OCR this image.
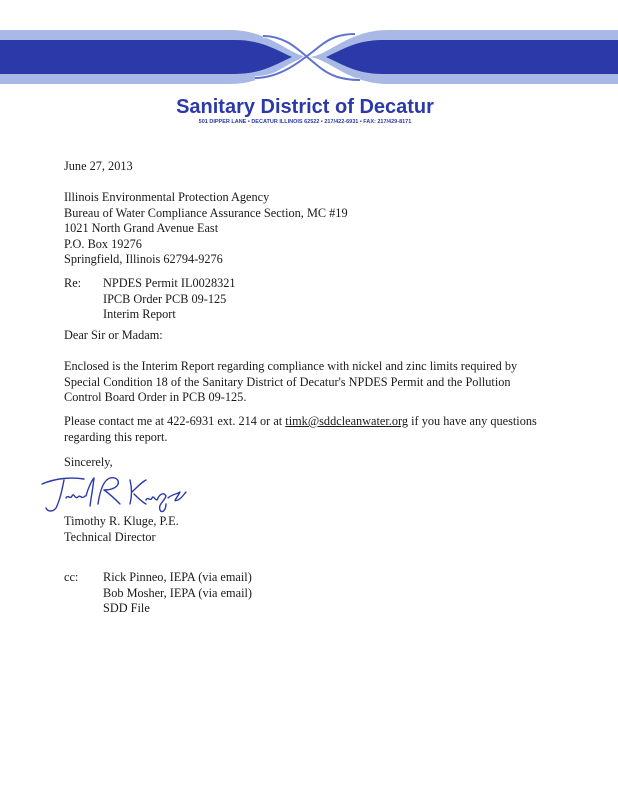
Sanitary District of Decatur
501 DIPPER LANE • DECATUR ILLINOIS 62522 • 217/422-6931 • FAX: 217/429-8171
June 27, 2013
Illinois Environmental Protection Agency
Bureau of Water Compliance Assurance Section, MC #19
1021 North Grand Avenue East
P.O. Box 19276
Springfield, Illinois 62794-9276
Re: NPDES Permit IL0028321
IPCB Order PCB 09-125
Interim Report
Dear Sir or Madam:
Enclosed is the Interim Report regarding compliance with nickel and zinc limits required by
Special Condition 18 of the Sanitary District of Decatur's NPDES Permit and the Pollution
Control Board Order in PCB 09-125.
Please contact me at 422-6931 ext. 214 or at timk@sddcleanwater.org if you have any questions
regarding this report.
Sincerely,
Timothy R. Kluge, P.E.
Technical Director
cc: Rick Pinneo, IEPA (via email)
Bob Mosher, IEPA (via email)
SDD File
